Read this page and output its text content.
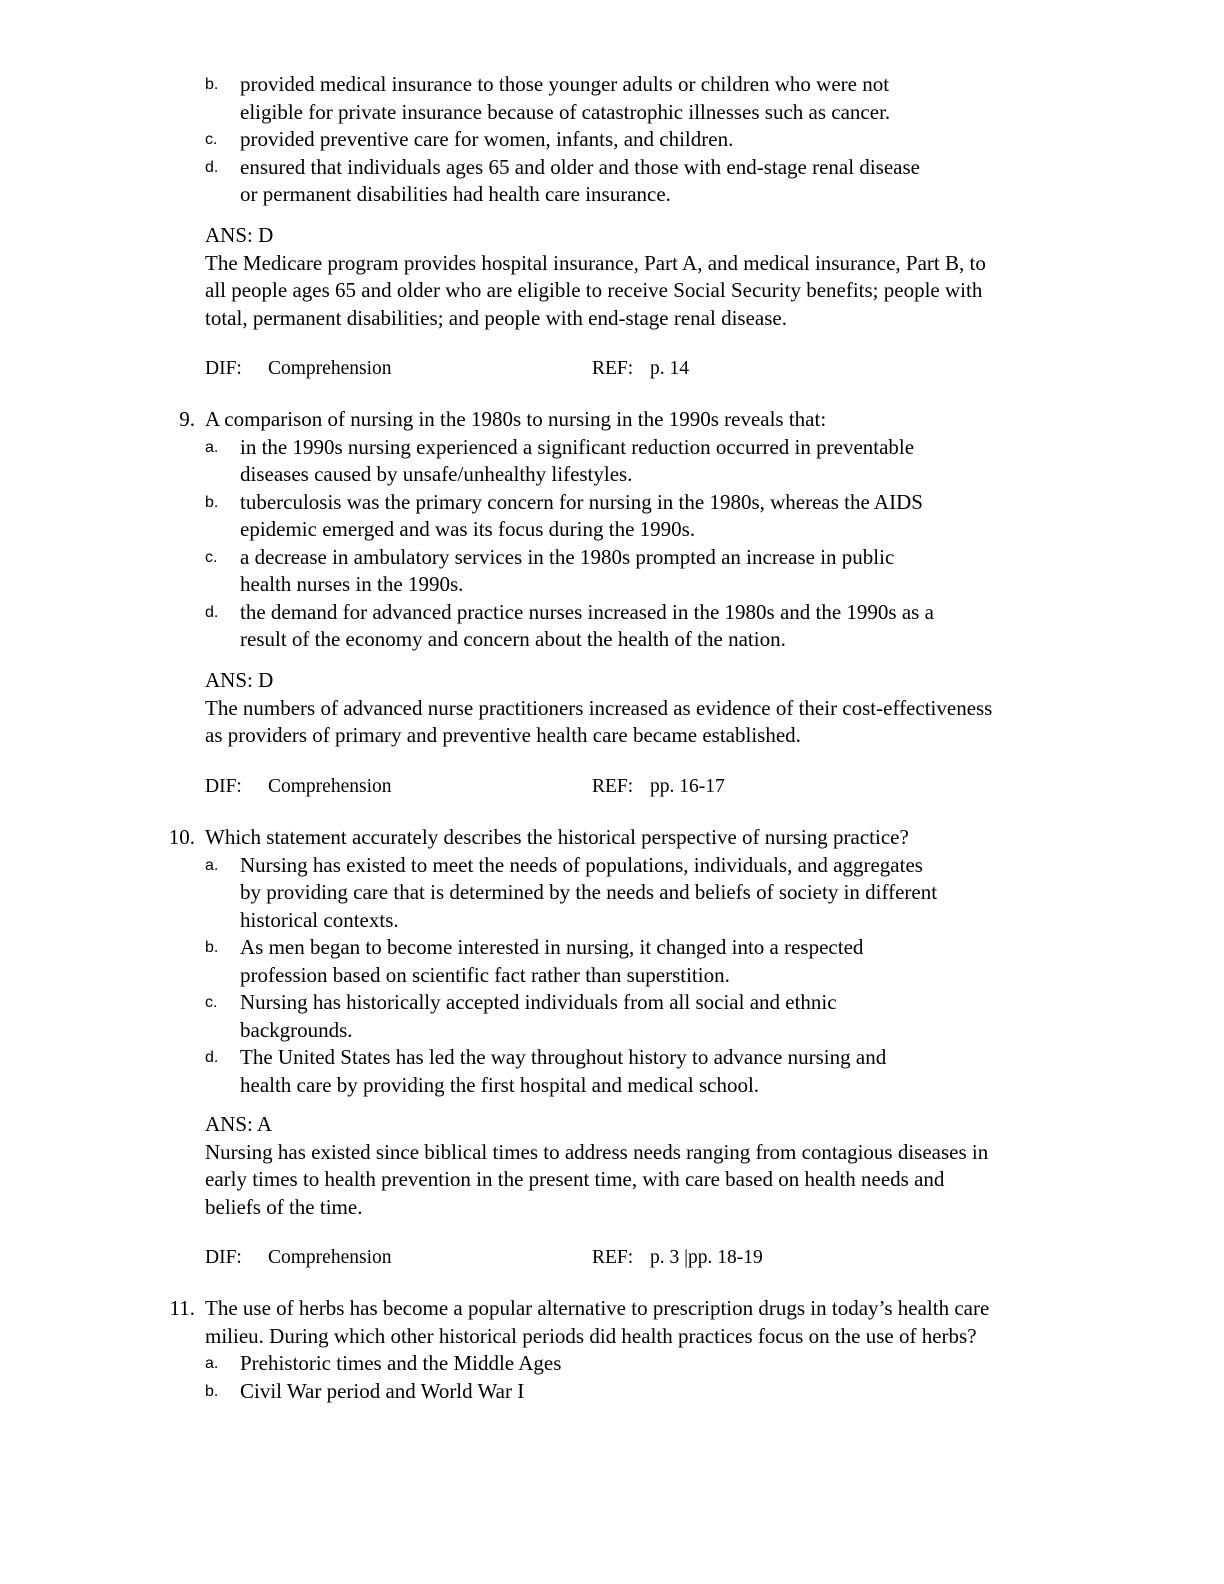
b. provided medical insurance to those younger adults or children who were not
eligible for private insurance because of catastrophic illnesses such as cancer.
c. provided preventive care for women, infants, and children.
d. ensured that individuals ages 65 and older and those with end-stage renal disease
or permanent disabilities had health care insurance.
ANS: D
The Medicare program provides hospital insurance, Part A, and medical insurance, Part B, to
all people ages 65 and older who are eligible to receive Social Security benefits; people with
total, permanent disabilities; and people with end-stage renal disease.
DIF: Comprehension	REF: p. 14
9. A comparison of nursing in the 1980s to nursing in the 1990s reveals that:
a. in the 1990s nursing experienced a significant reduction occurred in preventable
diseases caused by unsafe/unhealthy lifestyles.
b. tuberculosis was the primary concern for nursing in the 1980s, whereas the AIDS
epidemic emerged and was its focus during the 1990s.
c. a decrease in ambulatory services in the 1980s prompted an increase in public
health nurses in the 1990s.
d. the demand for advanced practice nurses increased in the 1980s and the 1990s as a
result of the economy and concern about the health of the nation.
ANS: D
The numbers of advanced nurse practitioners increased as evidence of their cost-effectiveness
as providers of primary and preventive health care became established.
DIF: Comprehension	REF: pp. 16-17
10. Which statement accurately describes the historical perspective of nursing practice?
a. Nursing has existed to meet the needs of populations, individuals, and aggregates
by providing care that is determined by the needs and beliefs of society in different
historical contexts.
b. As men began to become interested in nursing, it changed into a respected
profession based on scientific fact rather than superstition.
c. Nursing has historically accepted individuals from all social and ethnic
backgrounds.
d. The United States has led the way throughout history to advance nursing and
health care by providing the first hospital and medical school.
ANS: A
Nursing has existed since biblical times to address needs ranging from contagious diseases in
early times to health prevention in the present time, with care based on health needs and
beliefs of the time.
DIF: Comprehension	REF: p. 3 |pp. 18-19
11. The use of herbs has become a popular alternative to prescription drugs in today’s health care
milieu. During which other historical periods did health practices focus on the use of herbs?
a. Prehistoric times and the Middle Ages
b. Civil War period and World War I
